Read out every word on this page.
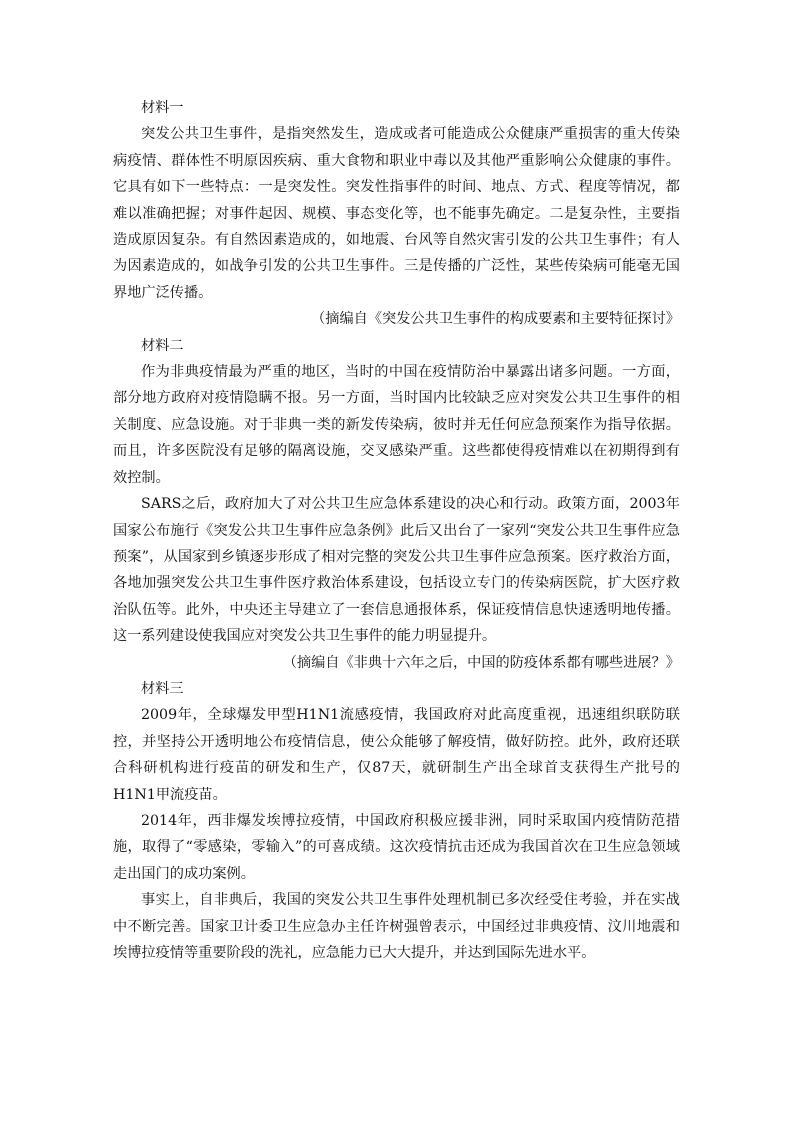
材料一

突发公共卫生事件，是指突然发生，造成或者可能造成公众健康严重损害的重大传染病疫情、群体性不明原因疾病、重大食物和职业中毒以及其他严重影响公众健康的事件。它具有如下一些特点：一是突发性。突发性指事件的时间、地点、方式、程度等情况，都难以准确把握；对事件起因、规模、事态变化等，也不能事先确定。二是复杂性，主要指造成原因复杂。有自然因素造成的，如地震、台风等自然灾害引发的公共卫生事件；有人为因素造成的，如战争引发的公共卫生事件。三是传播的广泛性，某些传染病可能毫无国界地广泛传播。

（摘编自《突发公共卫生事件的构成要素和主要特征探讨》

材料二

作为非典疫情最为严重的地区，当时的中国在疫情防治中暴露出诸多问题。一方面，部分地方政府对疫情隐瞒不报。另一方面，当时国内比较缺乏应对突发公共卫生事件的相关制度、应急设施。对于非典一类的新发传染病，彼时并无任何应急预案作为指导依据。而且，许多医院没有足够的隔离设施，交叉感染严重。这些都使得疫情难以在初期得到有效控制。

SARS之后，政府加大了对公共卫生应急体系建设的决心和行动。政策方面，2003年国家公布施行《突发公共卫生事件应急条例》此后又出台了一家列“突发公共卫生事件应急预案”，从国家到乡镇逐步形成了相对完整的突发公共卫生事件应急预案。医疗救治方面，各地加强突发公共卫生事件医疗救治体系建设，包括设立专门的传染病医院，扩大医疗救治队伍等。此外，中央还主导建立了一套信息通报体系，保证疫情信息快速透明地传播。这一系列建设使我国应对突发公共卫生事件的能力明显提升。

（摘编自《非典十六年之后，中国的防疫体系都有哪些进展？》

材料三

2009年，全球爆发甲型H1N1流感疫情，我国政府对此高度重视，迅速组织联防联控，并坚持公开透明地公布疫情信息，使公众能够了解疫情，做好防控。此外，政府还联合科研机构进行疫苗的研发和生产，仅87天，就研制生产出全球首支获得生产批号的H1N1甲流疫苗。

2014年，西非爆发埃博拉疫情，中国政府积极应援非洲，同时采取国内疫情防范措施，取得了“零感染，零输入”的可喜成绩。这次疫情抗击还成为我国首次在卫生应急领域走出国门的成功案例。

事实上，自非典后，我国的突发公共卫生事件处理机制已多次经受住考验，并在实战中不断完善。国家卫计委卫生应急办主任许树强曾表示，中国经过非典疫情、汶川地震和埃博拉疫情等重要阶段的洗礼，应急能力已大大提升，并达到国际先进水平。
